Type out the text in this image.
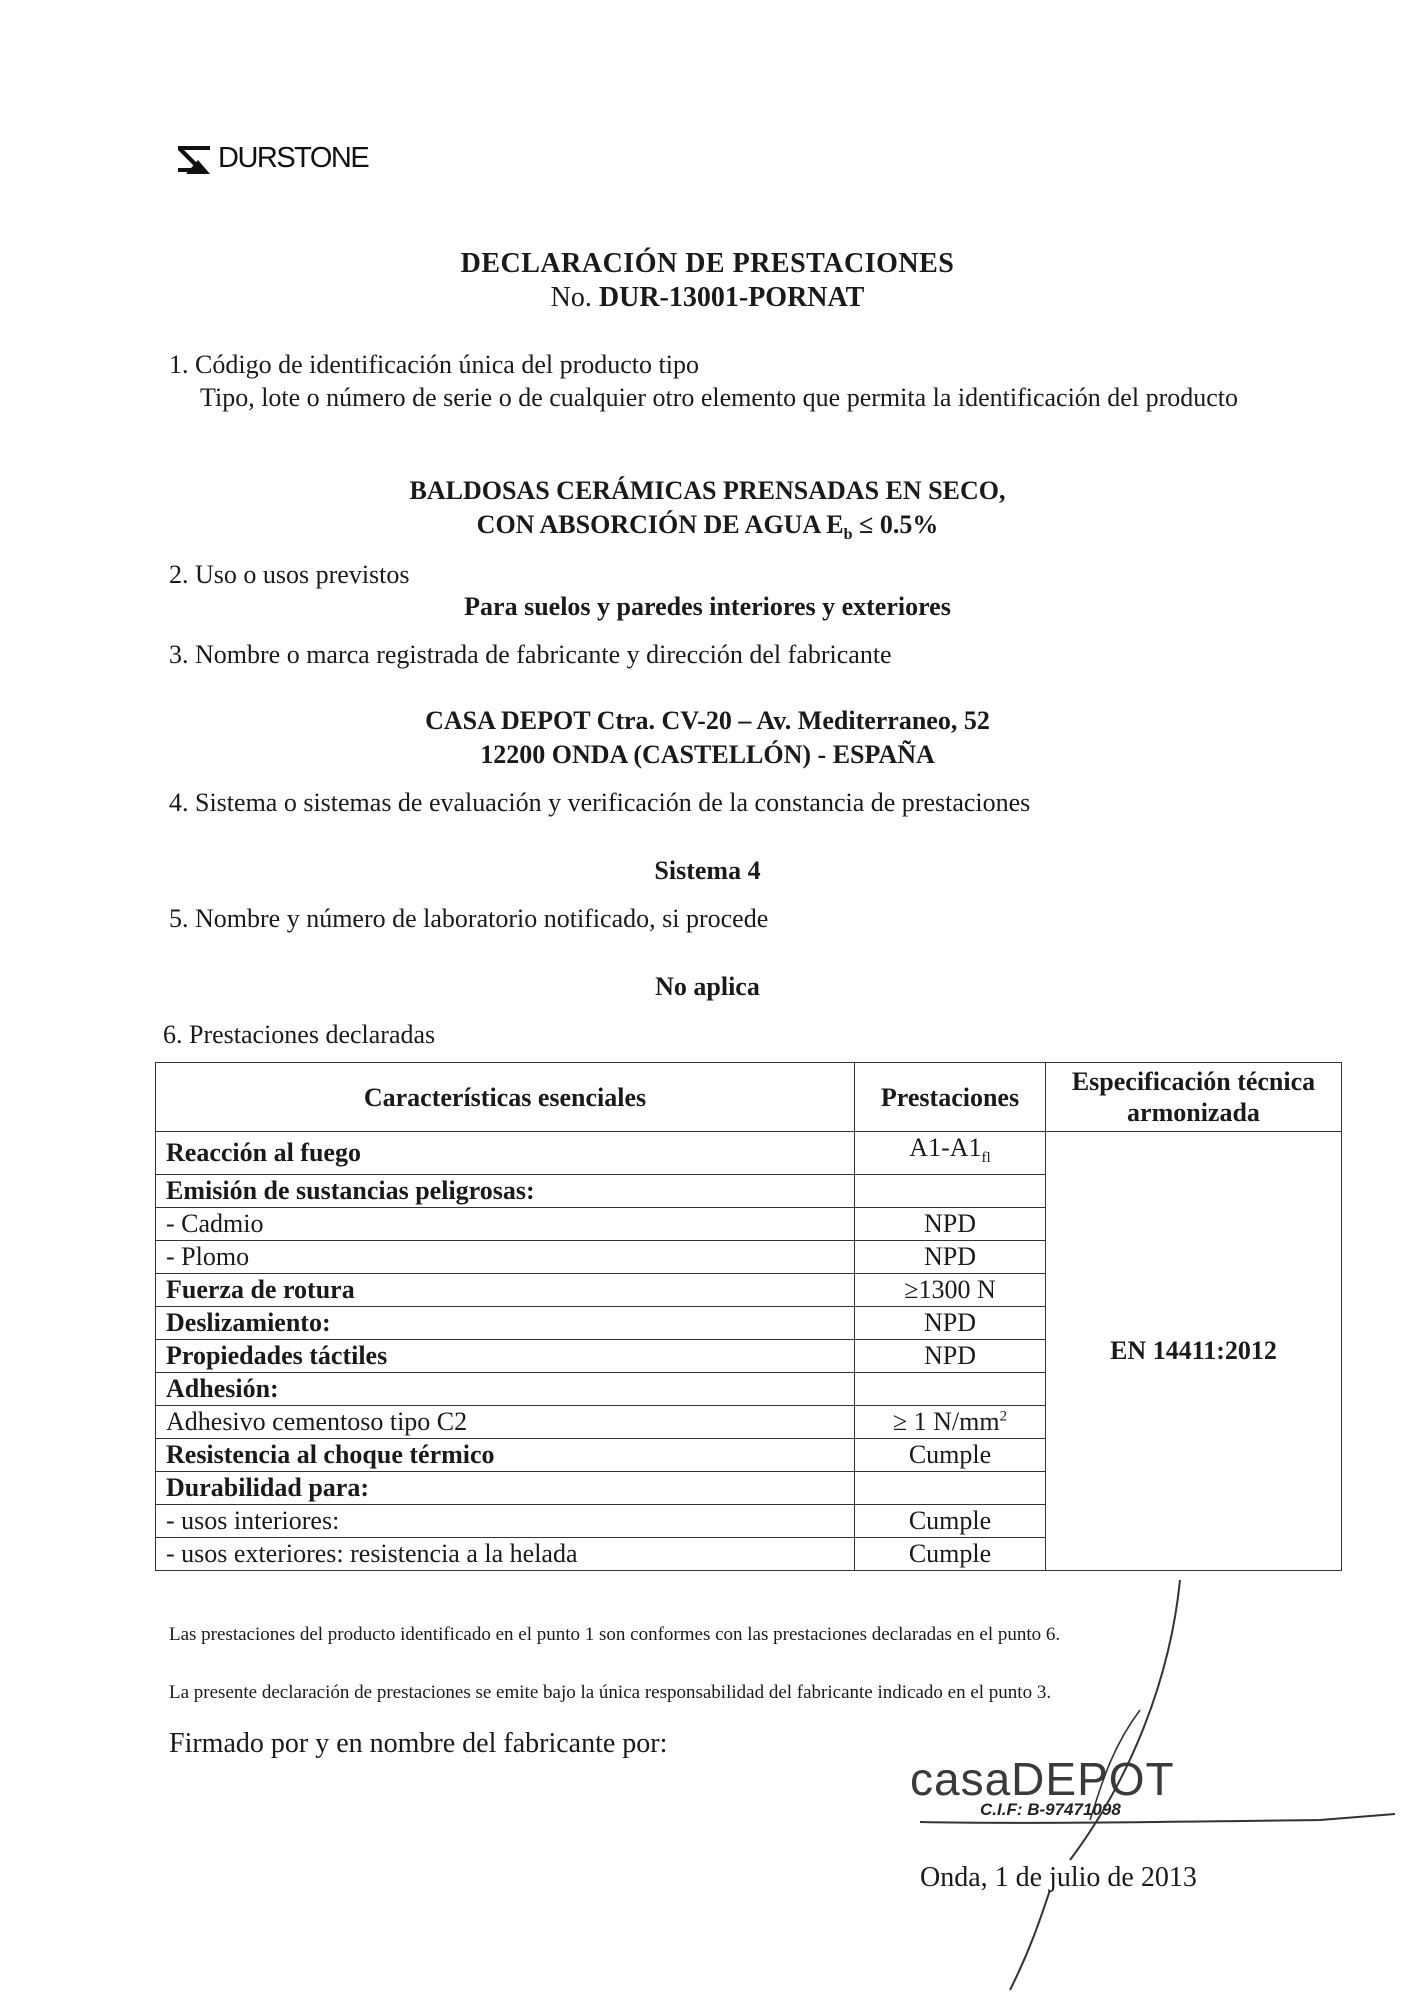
DURSTONE
DECLARACIÓN DE PRESTACIONES
No. DUR-13001-PORNAT
1. Código de identificación única del producto tipo
Tipo, lote o número de serie o de cualquier otro elemento que permita la identificación del producto
BALDOSAS CERÁMICAS PRENSADAS EN SECO,
CON ABSORCIÓN DE AGUA $E_b \le 0.5\%$
2. Uso o usos previstos
Para suelos y paredes interiores y exteriores
3. Nombre o marca registrada de fabricante y dirección del fabricante
CASA DEPOT Ctra. CV-20 – Av. Mediterraneo, 52
12200 ONDA (CASTELLÓN) - ESPAÑA
4. Sistema o sistemas de evaluación y verificación de la constancia de prestaciones
Sistema 4
5. Nombre y número de laboratorio notificado, si procede
No aplica
6. Prestaciones declaradas
Características esenciales	Prestaciones	Especificación técnica armonizada
Reacción al fuego	$A1-A1_{fl}$	EN 14411:2012
Emisión de sustancias peligrosas:		
- Cadmio	NPD	
- Plomo	NPD	
Fuerza de rotura	≥1300 N	
Deslizamiento:	NPD	
Propiedades táctiles	NPD	
Adhesión:		
Adhesivo cementoso tipo C2	≥ 1 $N/mm^2$
Resistencia al choque térmico	Cumple	
Durabilidad para:		
- usos interiores:	Cumple	
- usos exteriores: resistencia a la helada	Cumple	
Las prestaciones del producto identificado en el punto 1 son conformes con las prestaciones declaradas en el punto 6.
La presente declaración de prestaciones se emite bajo la única responsabilidad del fabricante indicado en el punto 3.
Firmado por y en nombre del fabricante por:
casaDEPOT
C.I.F: B-97471098
Onda, 1 de julio de 2013
